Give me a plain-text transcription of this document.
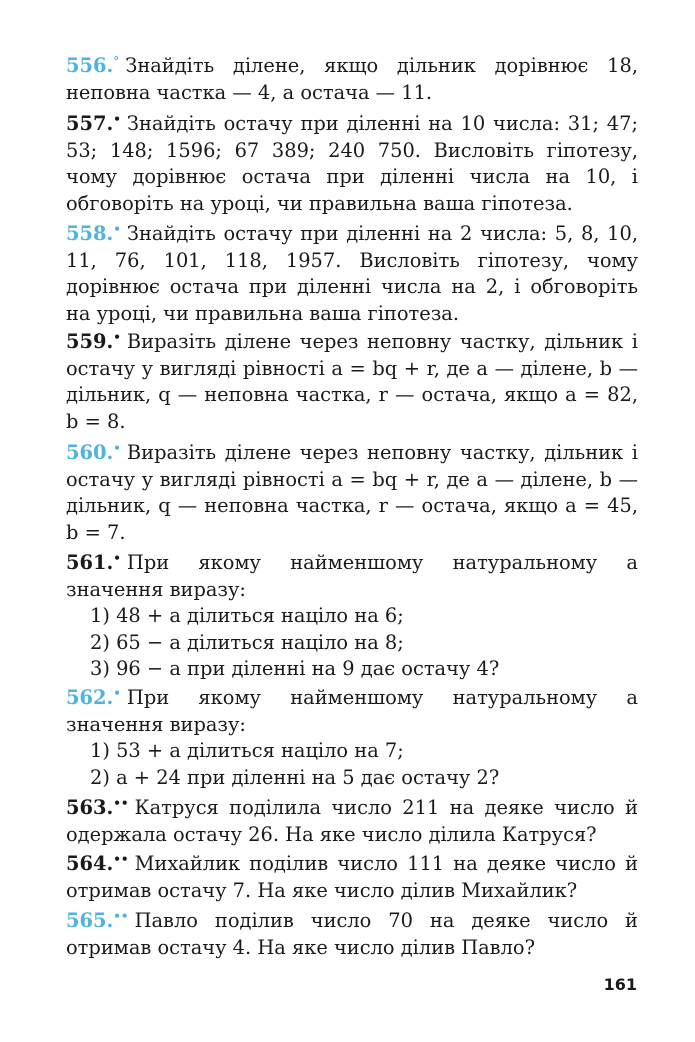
556.° Знайдіть ділене, якщо дільник дорівнює 18, неповна частка — 4, а остача — 11.
557.• Знайдіть остачу при діленні на 10 числа: 31; 47; 53; 148; 1596; 67 389; 240 750. Висловіть гіпотезу, чому дорівнює остача при діленні числа на 10, і обговоріть на уроці, чи правильна ваша гіпотеза.
558.• Знайдіть остачу при діленні на 2 числа: 5, 8, 10, 11, 76, 101, 118, 1957. Висловіть гіпотезу, чому дорівнює остача при діленні числа на 2, і обговоріть на уроці, чи правильна ваша гіпотеза.
559.• Виразіть ділене через неповну частку, дільник і остачу у вигляді рівності a = bq + r, де a — ділене, b — дільник, q — неповна частка, r — остача, якщо a = 82, b = 8.
560.• Виразіть ділене через неповну частку, дільник і остачу у вигляді рівності a = bq + r, де a — ділене, b — дільник, q — неповна частка, r — остача, якщо a = 45, b = 7.
561.• При якому найменшому натуральному a значення виразу:
1) 48 + a ділиться націло на 6;
2) 65 − a ділиться націло на 8;
3) 96 − a при діленні на 9 дає остачу 4?
562.• При якому найменшому натуральному a значення виразу:
1) 53 + a ділиться націло на 7;
2) a + 24 при діленні на 5 дає остачу 2?
563.•• Катруся поділила число 211 на деяке число й одержала остачу 26. На яке число ділила Катруся?
564.•• Михайлик поділив число 111 на деяке число й отримав остачу 7. На яке число ділив Михайлик?
565.•• Павло поділив число 70 на деяке число й отримав остачу 4. На яке число ділив Павло?
161
